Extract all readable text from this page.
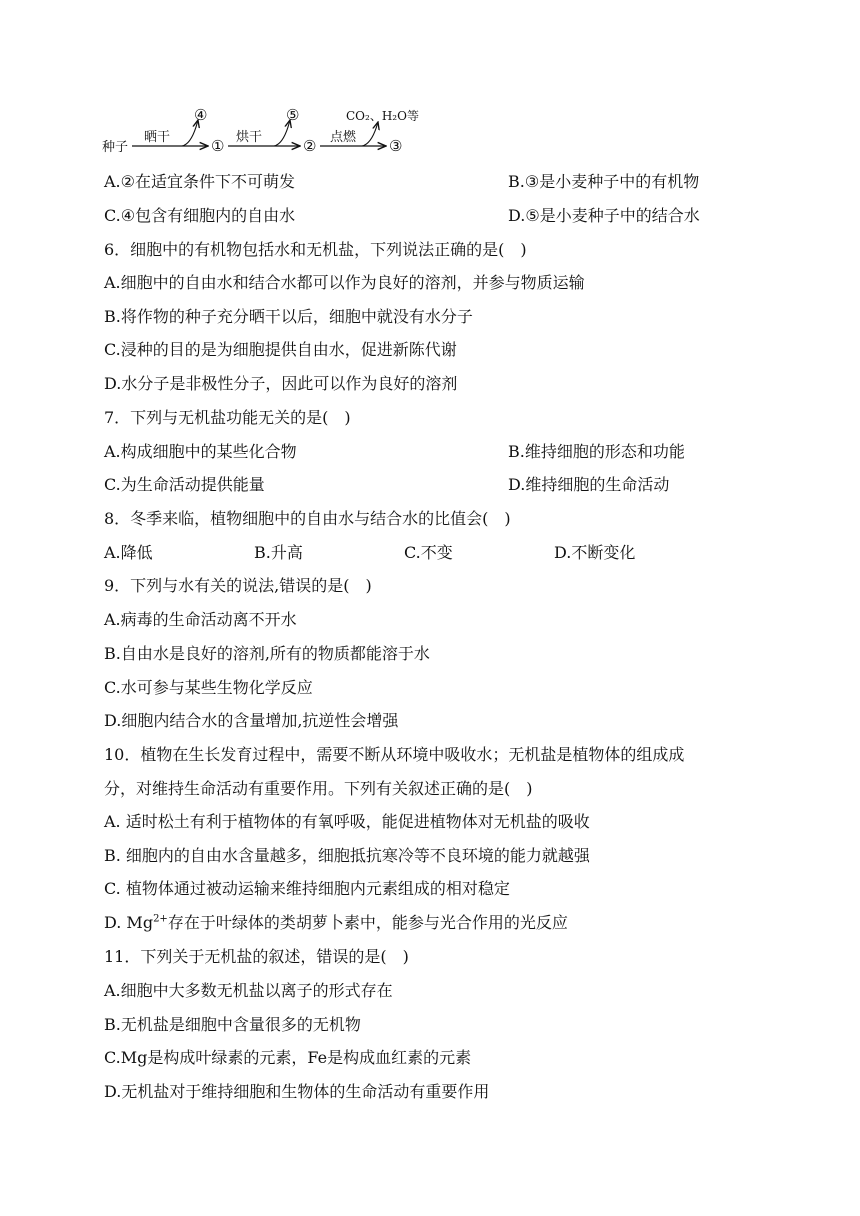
种子
晒干
④
① 烘干
⑤
② 点燃
CO₂、H₂O等
③
A.②在适宜条件下不可萌发	B.③是小麦种子中的有机物
C.④包含有细胞内的自由水	D.⑤是小麦种子中的结合水
6．细胞中的有机物包括水和无机盐，下列说法正确的是(　)
A.细胞中的自由水和结合水都可以作为良好的溶剂，并参与物质运输
B.将作物的种子充分晒干以后，细胞中就没有水分子
C.浸种的目的是为细胞提供自由水，促进新陈代谢
D.水分子是非极性分子，因此可以作为良好的溶剂
7．下列与无机盐功能无关的是(　)
A.构成细胞中的某些化合物	B.维持细胞的形态和功能
C.为生命活动提供能量	D.维持细胞的生命活动
8．冬季来临，植物细胞中的自由水与结合水的比值会(　)
A.降低	B.升高	C.不变	D.不断变化
9．下列与水有关的说法,错误的是(　)
A.病毒的生命活动离不开水
B.自由水是良好的溶剂,所有的物质都能溶于水
C.水可参与某些生物化学反应
D.细胞内结合水的含量增加,抗逆性会增强
10．植物在生长发育过程中，需要不断从环境中吸收水；无机盐是植物体的组成成
分，对维持生命活动有重要作用。下列有关叙述正确的是(　)
A. 适时松土有利于植物体的有氧呼吸，能促进植物体对无机盐的吸收
B. 细胞内的自由水含量越多，细胞抵抗寒冷等不良环境的能力就越强
C. 植物体通过被动运输来维持细胞内元素组成的相对稳定
D. $Mg^{2+}$存在于叶绿体的类胡萝卜素中，能参与光合作用的光反应
11．下列关于无机盐的叙述，错误的是(　)
A.细胞中大多数无机盐以离子的形式存在
B.无机盐是细胞中含量很多的无机物
C.Mg是构成叶绿素的元素，Fe是构成血红素的元素
D.无机盐对于维持细胞和生物体的生命活动有重要作用
